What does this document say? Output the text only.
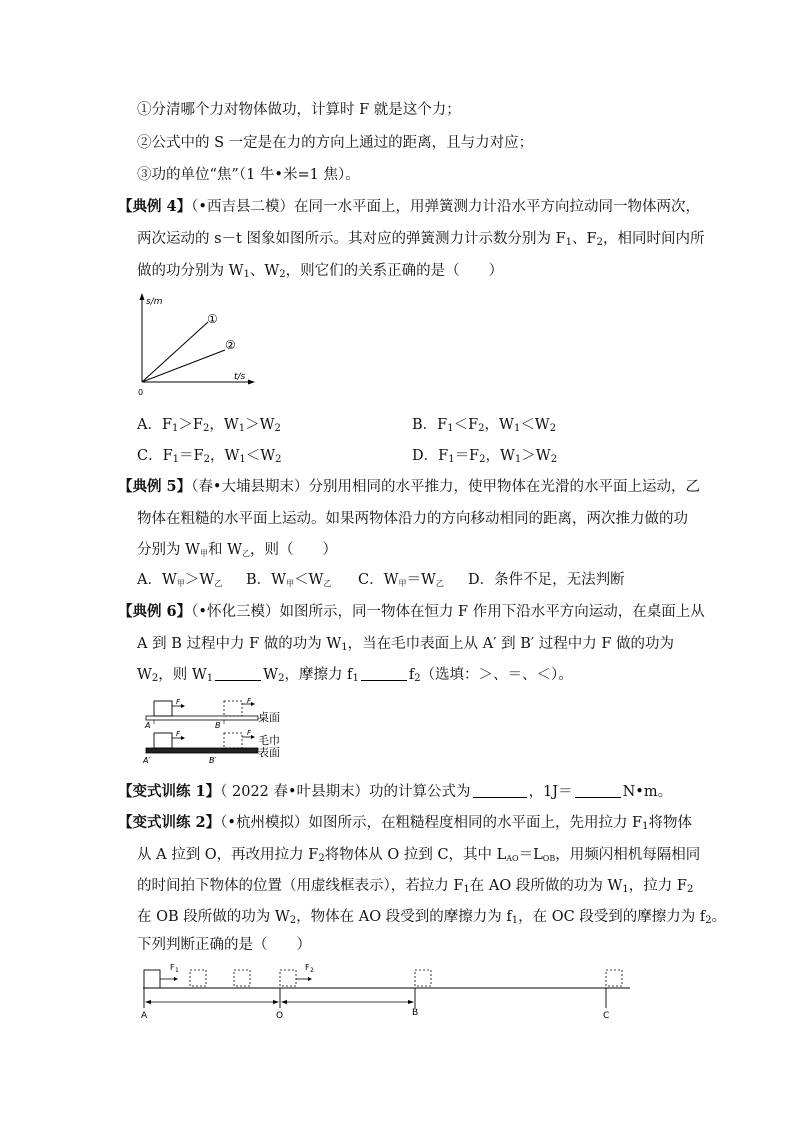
①分清哪个力对物体做功，计算时 F 就是这个力；
②公式中的 S 一定是在力的方向上通过的距离，且与力对应；
③功的单位“焦”（1 牛•米=1 焦）。
【典例 4】（•西吉县二模）在同一水平面上，用弹簧测力计沿水平方向拉动同一物体两次，
两次运动的 s－t 图象如图所示。其对应的弹簧测力计示数分别为 $F_1$、$F_2$，相同时间内所
做的功分别为 $W_1$、$W_2$，则它们的关系正确的是（　　）
s/m
t/s
0
①
②
A．$F_1>F_2$，$W_1>W_2$	B．$F_1<F_2$，$W_1<W_2$
C．$F_1=F_2$，$W_1<W_2$	D．$F_1=F_2$，$W_1>W_2$
【典例 5】（春•大埔县期末）分别用相同的水平推力，使甲物体在光滑的水平面上运动，乙
物体在粗糙的水平面上运动。如果两物体沿力的方向移动相同的距离，两次推力做的功
分别为 $W_甲$和 $W_乙$，则（　　）
A．$W_甲>W_乙$ B．$W_甲<W_乙$ C．$W_甲=W_乙$ D．条件不足，无法判断
【典例 6】（•怀化三模）如图所示，同一物体在恒力 F 作用下沿水平方向运动，在桌面上从
A 到 B 过程中力 F 做的功为 $W_1$，当在毛巾表面上从 A′ 到 B′ 过程中力 F 做的功为
$W_2$，则 $W_1$	$W_2$，摩擦力 $f_1$	$f_2$（选填：＞、＝、＜）。
F	F
A	B
桌面
F	F
A′	B′
毛巾
表面
【变式训练 1】（ 2022 春•叶县期末）功的计算公式为	，1J＝	N•m。
【变式训练 2】（•杭州模拟）如图所示，在粗糙程度相同的水平面上，先用拉力 $F_1$将物体
从 A 拉到 O，再改用拉力 $F_2$将物体从 O 拉到 C，其中 $L_{AO}=L_{OB}$，用频闪相机每隔相同
的时间拍下物体的位置（用虚线框表示），若拉力 $F_1$在 AO 段所做的功为 $W_1$，拉力 $F_2$
在 OB 段所做的功为 $W_2$，物体在 AO 段受到的摩擦力为 $f_1$，在 OC 段受到的摩擦力为 $f_2$。
下列判断正确的是（　　）
F 1	F 2
A	O	B	C
